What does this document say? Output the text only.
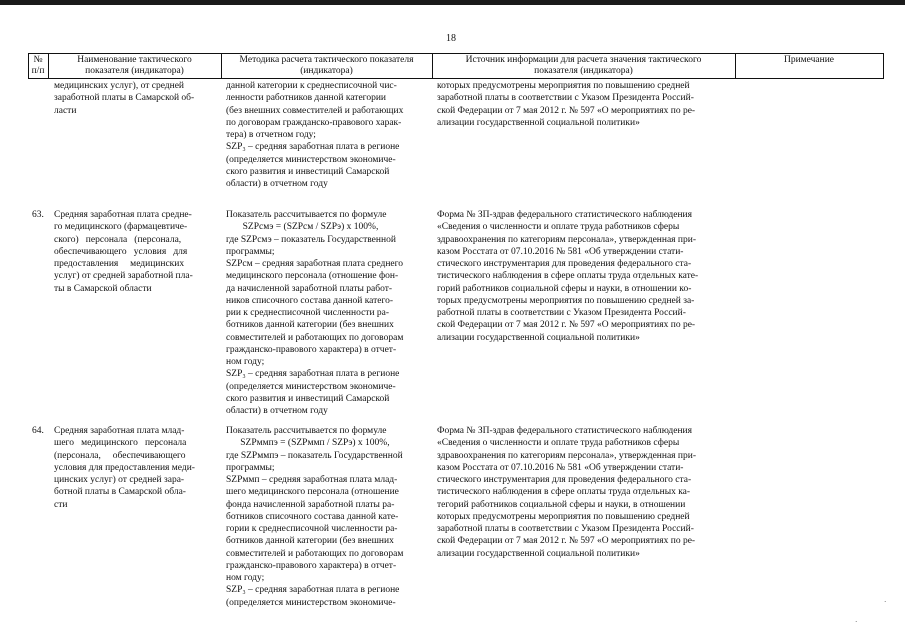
18
№
п/п
Наименование тактического
показателя (индикатора)
Методика расчета тактического показателя
(индикатора)
Источник информации для расчета значения тактического
показателя (индикатора)
Примечание
медицинских услуг), от средней
заработной платы в Самарской об-
ласти
данной категории к среднесписочной чис-
ленности работников данной категории
(без внешних совместителей и работающих
по договорам гражданско-правового харак-
тера) в отчетном году;
SZP₃ – средняя заработная плата в регионе
(определяется министерством экономиче-
ского развития и инвестиций Самарской
области) в отчетном году
которых предусмотрены мероприятия по повышению средней
заработной платы в соответствии с Указом Президента Россий-
ской Федерации от 7 мая 2012 г. № 597 «О мероприятиях по ре-
ализации государственной социальной политики»
63. Средняя заработная плата средне-
го медицинского (фармацевтиче-
ского)   персонала   (персонала,
обеспечивающего   условия   для
предоставления     медицинских
услуг) от средней заработной пла-
ты в Самарской области
Показатель рассчитывается по формуле
SZPсмэ = (SZPсм / SZPэ) х 100%,
где SZPсмэ – показатель Государственной
программы;
SZPсм – средняя заработная плата среднего
медицинского персонала (отношение фон-
да начисленной заработной платы работ-
ников списочного состава данной катего-
рии к среднесписочной численности ра-
ботников данной категории (без внешних
совместителей и работающих по договорам
гражданско-правового характера) в отчет-
ном году;
SZP₃ – средняя заработная плата в регионе
(определяется министерством экономиче-
ского развития и инвестиций Самарской
области) в отчетном году
Форма № ЗП-здрав федерального статистического наблюдения
«Сведения о численности и оплате труда работников сферы
здравоохранения по категориям персонала», утвержденная при-
казом Росстата от 07.10.2016 № 581 «Об утверждении стати-
стического инструментария для проведения федерального ста-
тистического наблюдения в сфере оплаты труда отдельных кате-
горий работников социальной сферы и науки, в отношении ко-
торых предусмотрены мероприятия по повышению средней за-
работной платы в соответствии с Указом Президента Россий-
ской Федерации от 7 мая 2012 г. № 597 «О мероприятиях по ре-
ализации государственной социальной политики»
64. Средняя заработная плата млад-
шего   медицинского   персонала
(персонала,     обеспечивающего
условия для предоставления меди-
цинских услуг) от средней зара-
ботной платы в Самарской обла-
сти
Показатель рассчитывается по формуле
SZPммпэ = (SZPммп / SZPэ) х 100%,
где SZPммпэ – показатель Государственной
программы;
SZPммп – средняя заработная плата млад-
шего медицинского персонала (отношение
фонда начисленной заработной платы ра-
ботников списочного состава данной кате-
гории к среднесписочной численности ра-
ботников данной категории (без внешних
совместителей и работающих по договорам
гражданско-правового характера) в отчет-
ном году;
SZP₃ – средняя заработная плата в регионе
(определяется министерством экономиче-
Форма № ЗП-здрав федерального статистического наблюдения
«Сведения о численности и оплате труда работников сферы
здравоохранения по категориям персонала», утвержденная при-
казом Росстата от 07.10.2016 № 581 «Об утверждении стати-
стического инструментария для проведения федерального ста-
тистического наблюдения в сфере оплаты труда отдельных ка-
тегорий работников социальной сферы и науки, в отношении
которых предусмотрены мероприятия по повышению средней
заработной платы в соответствии с Указом Президента Россий-
ской Федерации от 7 мая 2012 г. № 597 «О мероприятиях по ре-
ализации государственной социальной политики»
·
·
